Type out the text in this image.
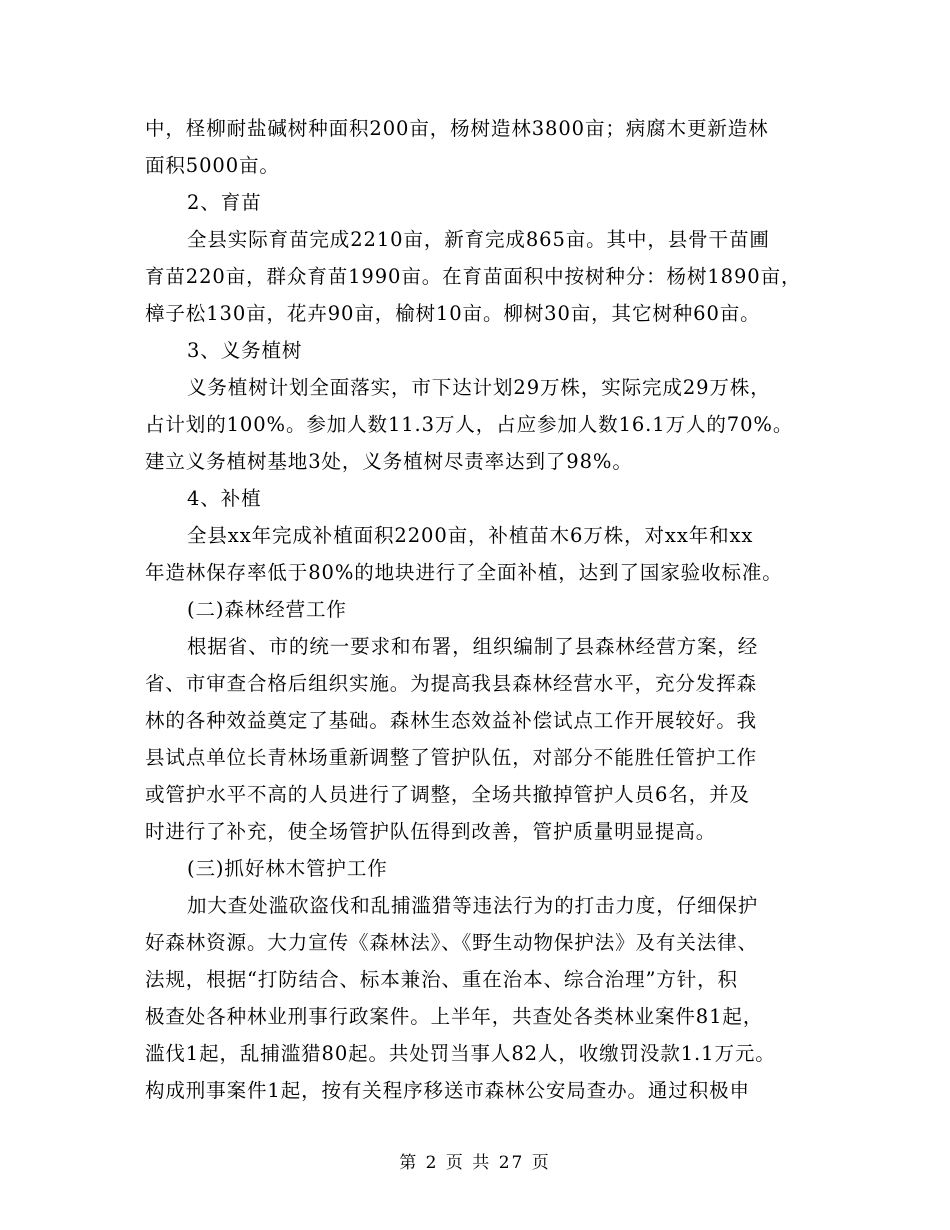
中，柽柳耐盐碱树种面积200亩，杨树造林3800亩；病腐木更新造林
面积5000亩。
2、育苗
全县实际育苗完成2210亩，新育完成865亩。其中，县骨干苗圃
育苗220亩，群众育苗1990亩。在育苗面积中按树种分：杨树1890亩，
樟子松130亩，花卉90亩，榆树10亩。柳树30亩，其它树种60亩。
3、义务植树
义务植树计划全面落实，市下达计划29万株，实际完成29万株，
占计划的100%。参加人数11.3万人，占应参加人数16.1万人的70%。
建立义务植树基地3处，义务植树尽责率达到了98%。
4、补植
全县xx年完成补植面积2200亩，补植苗木6万株，对xx年和xx
年造林保存率低于80%的地块进行了全面补植，达到了国家验收标准。
(二)森林经营工作
根据省、市的统一要求和布署，组织编制了县森林经营方案，经
省、市审查合格后组织实施。为提高我县森林经营水平，充分发挥森
林的各种效益奠定了基础。森林生态效益补偿试点工作开展较好。我
县试点单位长青林场重新调整了管护队伍，对部分不能胜任管护工作
或管护水平不高的人员进行了调整，全场共撤掉管护人员6名，并及
时进行了补充，使全场管护队伍得到改善，管护质量明显提高。
(三)抓好林木管护工作
加大查处滥砍盗伐和乱捕滥猎等违法行为的打击力度，仔细保护
好森林资源。大力宣传《森林法》、《野生动物保护法》及有关法律、
法规，根据“打防结合、标本兼治、重在治本、综合治理”方针，积
极查处各种林业刑事行政案件。上半年，共查处各类林业案件81起，
滥伐1起，乱捕滥猎80起。共处罚当事人82人，收缴罚没款1.1万元。
构成刑事案件1起，按有关程序移送市森林公安局查办。通过积极申
第 2 页 共 27 页
